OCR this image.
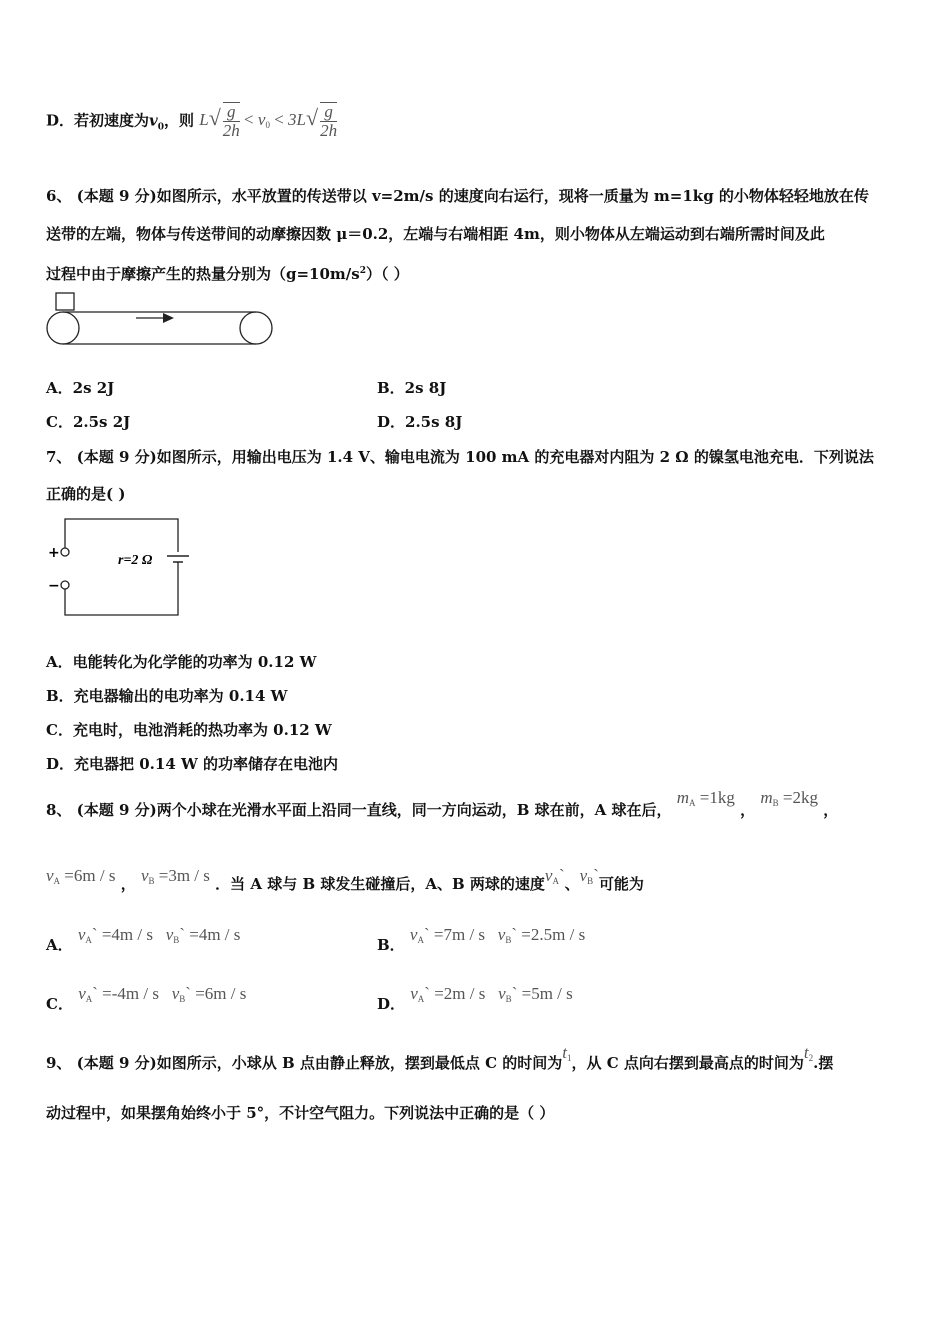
D．若初速度为$v_0$，则 $L√ \frac{g}{2h} < v_0 < 3L√ \frac{g}{2h}$
6、 (本题 9 分)如图所示，水平放置的传送带以 v=2m/s 的速度向右运行，现将一质量为 m=1kg 的小物体轻轻地放在传
送带的左端，物体与传送带间的动摩擦因数 μ＝0.2，左端与右端相距 4m，则小物体从左端运动到右端所需时间及此
过程中由于摩擦产生的热量分别为$(g=10m/s^2)$（ ）
A．2s 2J	B．2s 8J
C．2.5s 2J	D．2.5s 8J
7、 (本题 9 分)如图所示，用输出电压为 1.4 V、输电电流为 100 mA 的充电器对内阻为 2 Ω 的镍氢电池充电．下列说法
正确的是( )
+
−
r=2 Ω
A．电能转化为化学能的功率为 0.12 W
B．充电器输出的电功率为 0.14 W
C．充电时，电池消耗的热功率为 0.12 W
D．充电器把 0.14 W 的功率储存在电池内
8、 (本题 9 分)两个小球在光滑水平面上沿同一直线，同一方向运动，B 球在前，A 球在后， $m_A =1kg$ ， $m_B =2kg$ ，
$v_A =6m / s$ ， $v_B =3m / s$ ．当 A 球与 B 球发生碰撞后，A、B 两球的速度$v_A`$、$v_B`$可能为
A． $v_A` =4m / s$ $v_B` =4m / s$
B． $v_A` =7m / s$ $v_B` =2.5m / s$
C． $v_A` =-4m / s$ $v_B` =6m / s$
D． $v_A` =2m / s$ $v_B` =5m / s$
9、 (本题 9 分)如图所示，小球从 B 点由静止释放，摆到最低点 C 的时间为$t_1$，从 C 点向右摆到最高点的时间为$t_2$.摆
动过程中，如果摆角始终小于 5°，不计空气阻力。下列说法中正确的是（ ）
